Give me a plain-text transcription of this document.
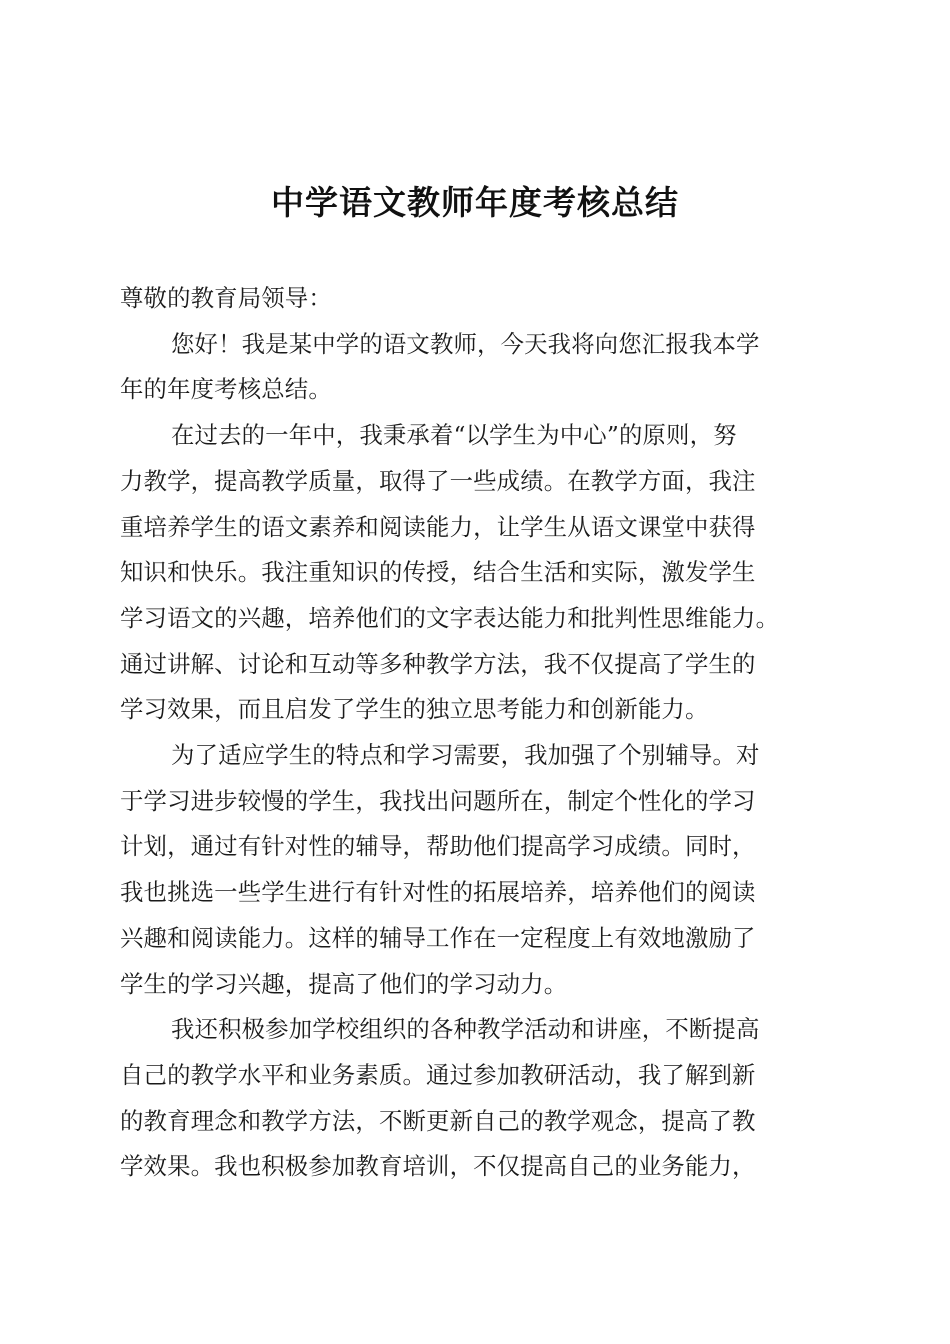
中学语文教师年度考核总结

尊敬的教育局领导：

您好！我是某中学的语文教师，今天我将向您汇报我本学
年的年度考核总结。

在过去的一年中，我秉承着“以学生为中心”的原则，努
力教学，提高教学质量，取得了一些成绩。在教学方面，我注
重培养学生的语文素养和阅读能力，让学生从语文课堂中获得
知识和快乐。我注重知识的传授，结合生活和实际，激发学生
学习语文的兴趣，培养他们的文字表达能力和批判性思维能力。
通过讲解、讨论和互动等多种教学方法，我不仅提高了学生的
学习效果，而且启发了学生的独立思考能力和创新能力。

为了适应学生的特点和学习需要，我加强了个别辅导。对
于学习进步较慢的学生，我找出问题所在，制定个性化的学习
计划，通过有针对性的辅导，帮助他们提高学习成绩。同时，
我也挑选一些学生进行有针对性的拓展培养，培养他们的阅读
兴趣和阅读能力。这样的辅导工作在一定程度上有效地激励了
学生的学习兴趣，提高了他们的学习动力。

我还积极参加学校组织的各种教学活动和讲座，不断提高
自己的教学水平和业务素质。通过参加教研活动，我了解到新
的教育理念和教学方法，不断更新自己的教学观念，提高了教
学效果。我也积极参加教育培训，不仅提高自己的业务能力，
